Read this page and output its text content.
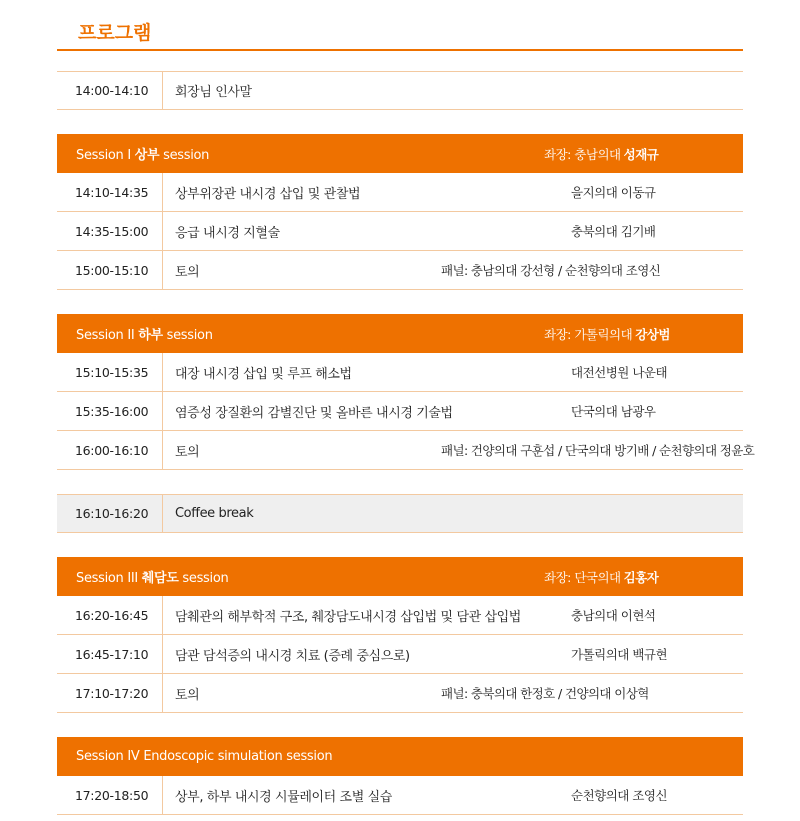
프로그램
14:00-14:10	회장님 인사말
Session I 상부 session	좌장: 충남의대 성재규
14:10-14:35	상부위장관 내시경 삽입 및 관찰법	을지의대 이동규
14:35-15:00	응급 내시경 지혈술	충북의대 김기배
15:00-15:10	토의	패널: 충남의대 강선형 / 순천향의대 조영신
Session II 하부 session	좌장: 가톨릭의대 강상범
15:10-15:35	대장 내시경 삽입 및 루프 해소법	대전선병원 나운태
15:35-16:00	염증성 장질환의 감별진단 및 올바른 내시경 기술법	단국의대 남광우
16:00-16:10	토의	패널: 건양의대 구훈섭 / 단국의대 방기배 / 순천향의대 정윤호
16:10-16:20	Coffee break
Session III 췌담도 session	좌장: 단국의대 김홍자
16:20-16:45	담췌관의 해부학적 구조, 췌장담도내시경 삽입법 및 담관 삽입법	충남의대 이현석
16:45-17:10	담관 담석증의 내시경 치료 (증례 중심으로)	가톨릭의대 백규현
17:10-17:20	토의	패널: 충북의대 한정호 / 건양의대 이상혁
Session IV Endoscopic simulation session
17:20-18:50	상부, 하부 내시경 시뮬레이터 조별 실습	순천향의대 조영신
